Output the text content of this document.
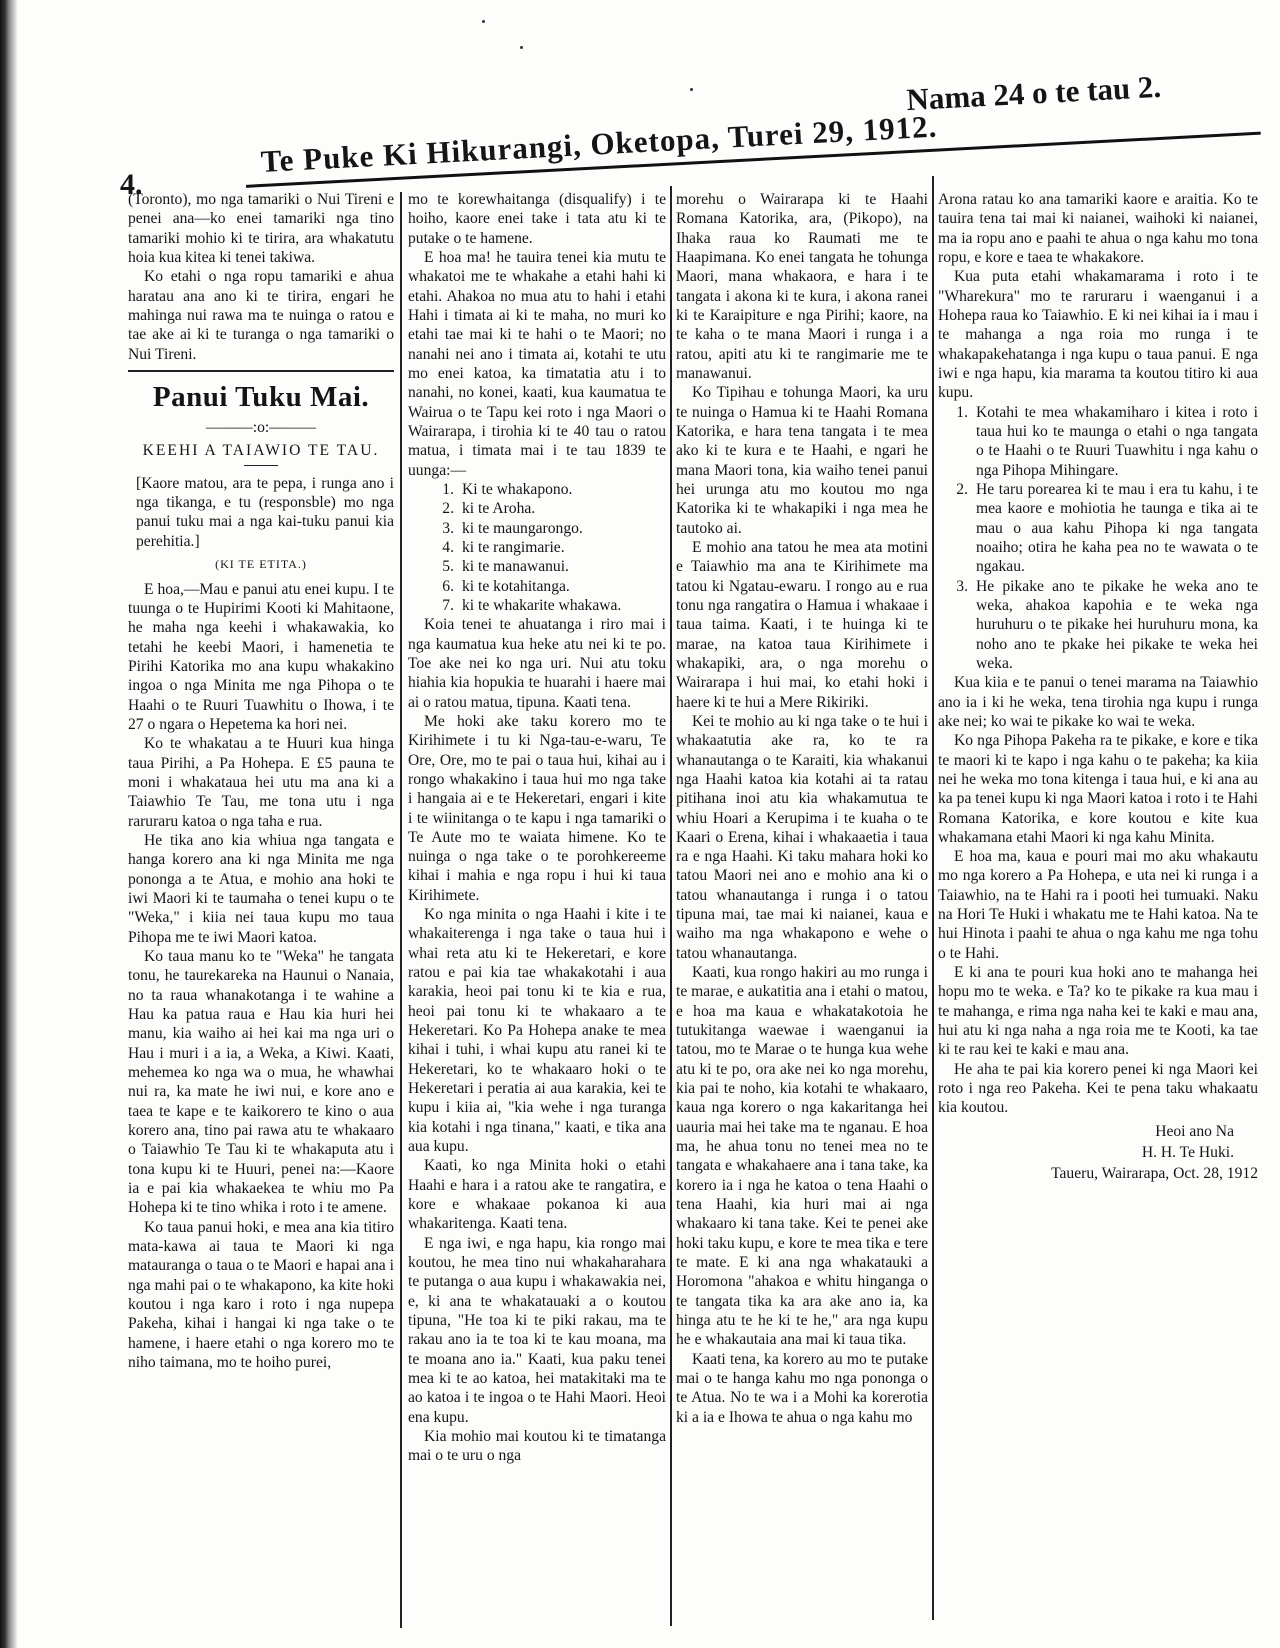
4.
Te Puke Ki Hikurangi, Oketopa, Turei 29, 1912.
Nama 24 o te tau 2.

(Toronto), mo nga tamariki o Nui Tireni e penei ana—ko enei tamariki nga tino tamariki mohio ki te tirira, ara whakatutu hoia kua kitea ki tenei takiwa.

Ko etahi o nga ropu tamariki e ahua haratau ana ano ki te tirira, engari he mahinga nui rawa ma te nuinga o ratou e tae ake ai ki te turanga o nga tamariki o Nui Tireni.

Panui Tuku Mai.
———:o:———
KEEHI A TAIAWIO TE TAU.

[Kaore matou, ara te pepa, i runga ano i nga tikanga, e tu (responsble) mo nga panui tuku mai a nga kai-tuku panui kia perehitia.]

(KI TE ETITA.)

E hoa,—Mau e panui atu enei kupu. I te tuunga o te Hupirimi Kooti ki Mahitaone, he maha nga keehi i whakawakia, ko tetahi he keebi Maori, i hamenetia te Pirihi Katorika mo ana kupu whakakino ingoa o nga Minita me nga Pihopa o te Haahi o te Ruuri Tuawhitu o Ihowa, i te 27 o ngara o Hepetema ka hori nei.

Ko te whakatau a te Huuri kua hinga taua Pirihi, a Pa Hohepa. E £5 pauna te moni i whakataua hei utu ma ana ki a Taiawhio Te Tau, me tona utu i nga raruraru katoa o nga taha e rua.

He tika ano kia whiua nga tangata e hanga korero ana ki nga Minita me nga pononga a te Atua, e mohio ana hoki te iwi Maori ki te taumaha o tenei kupu o te "Weka," i kiia nei taua kupu mo taua Pihopa me te iwi Maori katoa.

Ko taua manu ko te "Weka" he tangata tonu, he taurekareka na Haunui o Nanaia, no ta raua whanakotanga i te wahine a Hau ka patua raua e Hau kia huri hei manu, kia waiho ai hei kai ma nga uri o Hau i muri i a ia, a Weka, a Kiwi. Kaati, mehemea ko nga wa o mua, he whawhai nui ra, ka mate he iwi nui, e kore ano e taea te kape e te kaikorero te kino o aua korero ana, tino pai rawa atu te whakaaro o Taiawhio Te Tau ki te whakaputa atu i tona kupu ki te Huuri, penei na:—Kaore ia e pai kia whakaekea te whiu mo Pa Hohepa ki te tino whika i roto i te amene.

Ko taua panui hoki, e mea ana kia titiro mata-kawa ai taua te Maori ki nga matauranga o taua o te Maori e hapai ana i nga mahi pai o te whakapono, ka kite hoki koutou i nga karo i roto i nga nupepa Pakeha, kihai i hangai ki nga take o te hamene, i haere etahi o nga korero mo te niho taimana, mo te hoiho purei,

mo te korewhaitanga (disqualify) i te hoiho, kaore enei take i tata atu ki te putake o te hamene.

E hoa ma! he tauira tenei kia mutu te whakatoi me te whakahe a etahi hahi ki etahi. Ahakoa no mua atu to hahi i etahi Hahi i timata ai ki te maha, no muri ko etahi tae mai ki te hahi o te Maori; no nanahi nei ano i timata ai, kotahi te utu mo enei katoa, ka timatatia atu i to nanahi, no konei, kaati, kua kaumatua te Wairua o te Tapu kei roto i nga Maori o Wairarapa, i tirohia ki te 40 tau o ratou matua, i timata mai i te tau 1839 te uunga:—

1. Ki te whakapono.
2. ki te Aroha.
3. ki te maungarongo.
4. ki te rangimarie.
5. ki te manawanui.
6. ki te kotahitanga.
7. ki te whakarite whakawa.

Koia tenei te ahuatanga i riro mai i nga kaumatua kua heke atu nei ki te po. Toe ake nei ko nga uri. Nui atu toku hiahia kia hopukia te huarahi i haere mai ai o ratou matua, tipuna. Kaati tena.

Me hoki ake taku korero mo te Kirihimete i tu ki Nga-tau-e-waru, Te Ore, Ore, mo te pai o taua hui, kihai au i rongo whakakino i taua hui mo nga take i hangaia ai e te Hekeretari, engari i kite i te wiinitanga o te kapu i nga tamariki o Te Aute mo te waiata himene. Ko te nuinga o nga take o te porohkereeme kihai i mahia e nga ropu i hui ki taua Kirihimete.

Ko nga minita o nga Haahi i kite i te whakaiterenga i nga take o taua hui i whai reta atu ki te Hekeretari, e kore ratou e pai kia tae whakakotahi i aua karakia, heoi pai tonu ki te kia e rua, heoi pai tonu ki te whakaaro a te Hekeretari. Ko Pa Hohepa anake te mea kihai i tuhi, i whai kupu atu ranei ki te Hekeretari, ko te whakaaro hoki o te Hekeretari i peratia ai aua karakia, kei te kupu i kiia ai, "kia wehe i nga turanga kia kotahi i nga tinana," kaati, e tika ana aua kupu.

Kaati, ko nga Minita hoki o etahi Haahi e hara i a ratou ake te rangatira, e kore e whakaae pokanoa ki aua whakaritenga. Kaati tena.

E nga iwi, e nga hapu, kia rongo mai koutou, he mea tino nui whakaharahara te putanga o aua kupu i whakawakia nei, e, ki ana te whakatauaki a o koutou tipuna, "He toa ki te piki rakau, ma te rakau ano ia te toa ki te kau moana, ma te moana ano ia." Kaati, kua paku tenei mea ki te ao katoa, hei matakitaki ma te ao katoa i te ingoa o te Hahi Maori. Heoi ena kupu.

Kia mohio mai koutou ki te timatanga mai o te uru o nga

morehu o Wairarapa ki te Haahi Romana Katorika, ara, (Pikopo), na Ihaka raua ko Raumati me te Haapimana. Ko enei tangata he tohunga Maori, mana whakaora, e hara i te tangata i akona ki te kura, i akona ranei ki te Karaipiture e nga Pirihi; kaore, na te kaha o te mana Maori i runga i a ratou, apiti atu ki te rangimarie me te manawanui.

Ko Tipihau e tohunga Maori, ka uru te nuinga o Hamua ki te Haahi Romana Katorika, e hara tena tangata i te mea ako ki te kura e te Haahi, e ngari he mana Maori tona, kia waiho tenei panui hei urunga atu mo koutou mo nga Katorika ki te whakapiki i nga mea he tautoko ai.

E mohio ana tatou he mea ata motini e Taiawhio ma ana te Kirihimete ma tatou ki Ngatau-ewaru. I rongo au e rua tonu nga rangatira o Hamua i whakaae i taua taima. Kaati, i te huinga ki te marae, na katoa taua Kirihimete i whakapiki, ara, o nga morehu o Wairarapa i hui mai, ko etahi hoki i haere ki te hui a Mere Rikiriki.

Kei te mohio au ki nga take o te hui i whakaatutia ake ra, ko te ra whanautanga o te Karaiti, kia whakanui nga Haahi katoa kia kotahi ai ta ratau pitihana inoi atu kia whakamutua te whiu Hoari a Kerupima i te kuaha o te Kaari o Erena, kihai i whakaaetia i taua ra e nga Haahi. Ki taku mahara hoki ko tatou Maori nei ano e mohio ana ki o tatou whanautanga i runga i o tatou tipuna mai, tae mai ki naianei, kaua e waiho ma nga whakapono e wehe o tatou whanautanga.

Kaati, kua rongo hakiri au mo runga i te marae, e aukatitia ana i etahi o matou, e hoa ma kaua e whakatakotoia he tutukitanga waewae i waenganui ia tatou, mo te Marae o te hunga kua wehe atu ki te po, ora ake nei ko nga morehu, kia pai te noho, kia kotahi te whakaaro, kaua nga korero o nga kakaritanga hei uauria mai hei take ma te nganau. E hoa ma, he ahua tonu no tenei mea no te tangata e whakahaere ana i tana take, ka korero ia i nga he katoa o tena Haahi o tena Haahi, kia huri mai ai nga whakaaro ki tana take. Kei te penei ake hoki taku kupu, e kore te mea tika e tere te mate. E ki ana nga whakatauki a Horomona "ahakoa e whitu hinganga o te tangata tika ka ara ake ano ia, ka hinga atu te he ki te he," ara nga kupu he e whakautaia ana mai ki taua tika.

Kaati tena, ka korero au mo te putake mai o te hanga kahu mo nga pononga o te Atua. No te wa i a Mohi ka korerotia ki a ia e Ihowa te ahua o nga kahu mo

Arona ratau ko ana tamariki kaore e araitia. Ko te tauira tena tai mai ki naianei, waihoki ki naianei, ma ia ropu ano e paahi te ahua o nga kahu mo tona ropu, e kore e taea te whakakore.

Kua puta etahi whakamarama i roto i te "Wharekura" mo te raruraru i waenganui i a Hohepa raua ko Taiawhio. E ki nei kihai ia i mau i te mahanga a nga roia mo runga i te whakapakehatanga i nga kupu o taua panui. E nga iwi e nga hapu, kia marama ta koutou titiro ki aua kupu.

1. Kotahi te mea whakamiharo i kitea i roto i taua hui ko te maunga o etahi o nga tangata o te Haahi o te Ruuri Tuawhitu i nga kahu o nga Pihopa Mihingare.
2. He taru porearea ki te mau i era tu kahu, i te mea kaore e mohiotia he taunga e tika ai te mau o aua kahu Pihopa ki nga tangata noaiho; otira he kaha pea no te wawata o te ngakau.
3. He pikake ano te pikake he weka ano te weka, ahakoa kapohia e te weka nga huruhuru o te pikake hei huruhuru mona, ka noho ano te pkake hei pikake te weka hei weka.

Kua kiia e te panui o tenei marama na Taiawhio ano ia i ki he weka, tena tirohia nga kupu i runga ake nei; ko wai te pikake ko wai te weka.

Ko nga Pihopa Pakeha ra te pikake, e kore e tika te maori ki te kapo i nga kahu o te pakeha; ka kiia nei he weka mo tona kitenga i taua hui, e ki ana au ka pa tenei kupu ki nga Maori katoa i roto i te Hahi Romana Katorika, e kore koutou e kite kua whakamana etahi Maori ki nga kahu Minita.

E hoa ma, kaua e pouri mai mo aku whakautu mo nga korero a Pa Hohepa, e uta nei ki runga i a Taiawhio, na te Hahi ra i pooti hei tumuaki. Naku na Hori Te Huki i whakatu me te Hahi katoa. Na te hui Hinota i paahi te ahua o nga kahu me nga tohu o te Hahi.

E ki ana te pouri kua hoki ano te mahanga hei hopu mo te weka. e Ta? ko te pikake ra kua mau i te mahanga, e rima nga naha kei te kaki e mau ana, hui atu ki nga naha a nga roia me te Kooti, ka tae ki te rau kei te kaki e mau ana.

He aha te pai kia korero penei ki nga Maori kei roto i nga reo Pakeha. Kei te pena taku whakaatu kia koutou.

Heoi ano Na
H. H. Te Huki.
Taueru, Wairarapa, Oct. 28, 1912
